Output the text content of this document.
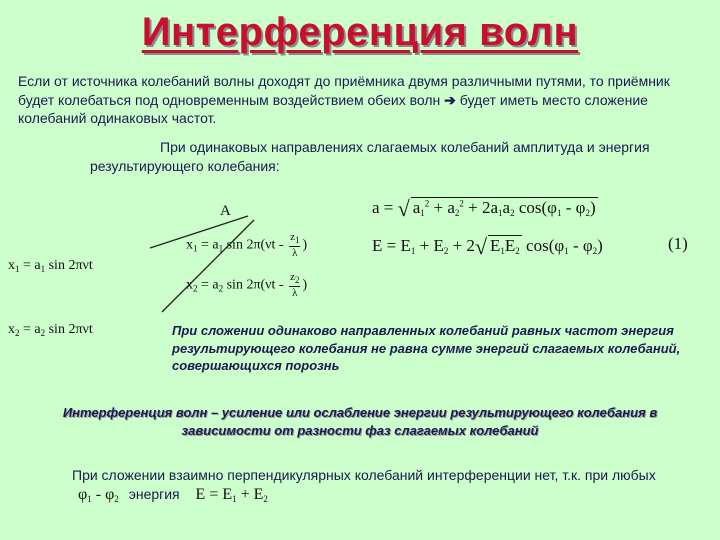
Интерференция волн
Если от источника колебаний волны доходят до приёмника двумя различными путями, то приёмник будет колебаться под одновременным воздействием обеих волн ➔ будет иметь место сложение колебаний одинаковых частот.
При одинаковых направлениях слагаемых колебаний амплитуда и энергия результирующего колебания:
A
$x_1 = a_1$ sin 2πνt
$x_2 = a_2$ sin 2πνt
$x_1 = a_1$ $\sin 2\pi(\nu t - \frac{z_1}{\lambda}$ )
$x_2 = a_2$ $\sin 2\pi(\nu t - \frac{z_2}{\lambda}$ )
a = √ $a_1^2 + a_2^2 + 2a_1a_2$ $\cos(\varphi_1 - \varphi_2)$
$E = E_1 + E_2 + 2√$ $E_1E_2$ $\cos(\varphi_1 - \varphi_2)$	(1)
При сложении одинаково направленных колебаний равных частот энергия результирующего колебания не равна сумме энергий слагаемых колебаний, совершающихся порознь
Интерференция волн – усиление или ослабление энергии результирующего колебания в зависимости от разности фаз слагаемых колебаний
При сложении взаимно перпендикулярных колебаний интерференции нет, т.к. при любых $\varphi_1 - \varphi_2$ энергия $E = E_1 + E_2$
